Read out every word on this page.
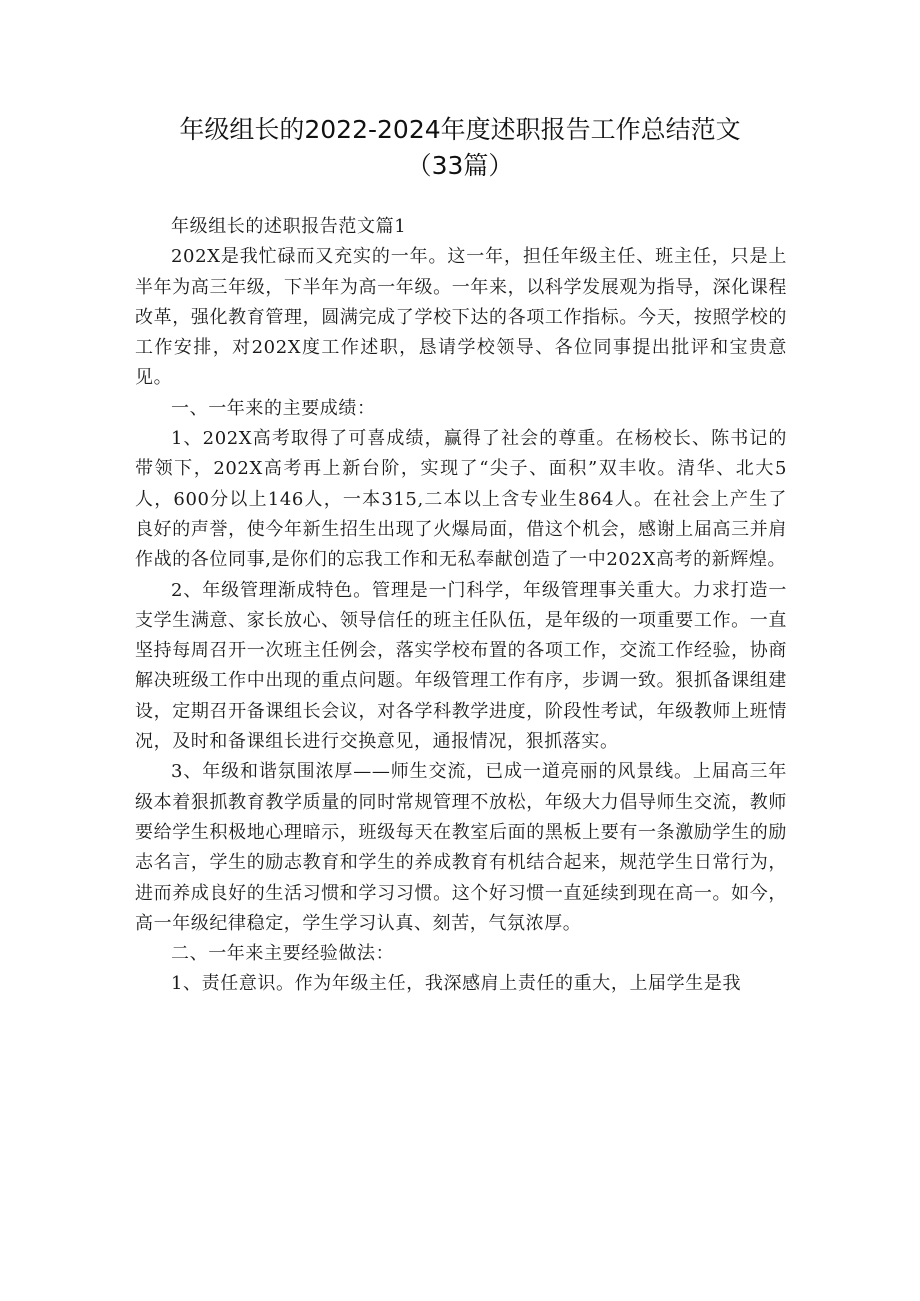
年级组长的2022-2024年度述职报告工作总结范文
（33篇）

年级组长的述职报告范文篇1

202X是我忙碌而又充实的一年。这一年，担任年级主任、班主任，只是上半年为高三年级，下半年为高一年级。一年来，以科学发展观为指导，深化课程改革，强化教育管理，圆满完成了学校下达的各项工作指标。今天，按照学校的工作安排，对202X度工作述职，恳请学校领导、各位同事提出批评和宝贵意见。

一、一年来的主要成绩：

1、202X高考取得了可喜成绩，赢得了社会的尊重。在杨校长、陈书记的带领下，202X高考再上新台阶，实现了“尖子、面积”双丰收。清华、北大5人，600分以上146人，一本315,二本以上含专业生864人。在社会上产生了良好的声誉，使今年新生招生出现了火爆局面，借这个机会，感谢上届高三并肩作战的各位同事,是你们的忘我工作和无私奉献创造了一中202X高考的新辉煌。

2、年级管理渐成特色。管理是一门科学，年级管理事关重大。力求打造一支学生满意、家长放心、领导信任的班主任队伍，是年级的一项重要工作。一直坚持每周召开一次班主任例会，落实学校布置的各项工作，交流工作经验，协商解决班级工作中出现的重点问题。年级管理工作有序，步调一致。狠抓备课组建设，定期召开备课组长会议，对各学科教学进度，阶段性考试，年级教师上班情况，及时和备课组长进行交换意见，通报情况，狠抓落实。

3、年级和谐氛围浓厚——师生交流，已成一道亮丽的风景线。上届高三年级本着狠抓教育教学质量的同时常规管理不放松，年级大力倡导师生交流，教师要给学生积极地心理暗示，班级每天在教室后面的黑板上要有一条激励学生的励志名言，学生的励志教育和学生的养成教育有机结合起来，规范学生日常行为，进而养成良好的生活习惯和学习习惯。这个好习惯一直延续到现在高一。如今，高一年级纪律稳定，学生学习认真、刻苦，气氛浓厚。

二、一年来主要经验做法：

1、责任意识。作为年级主任，我深感肩上责任的重大，上届学生是我
